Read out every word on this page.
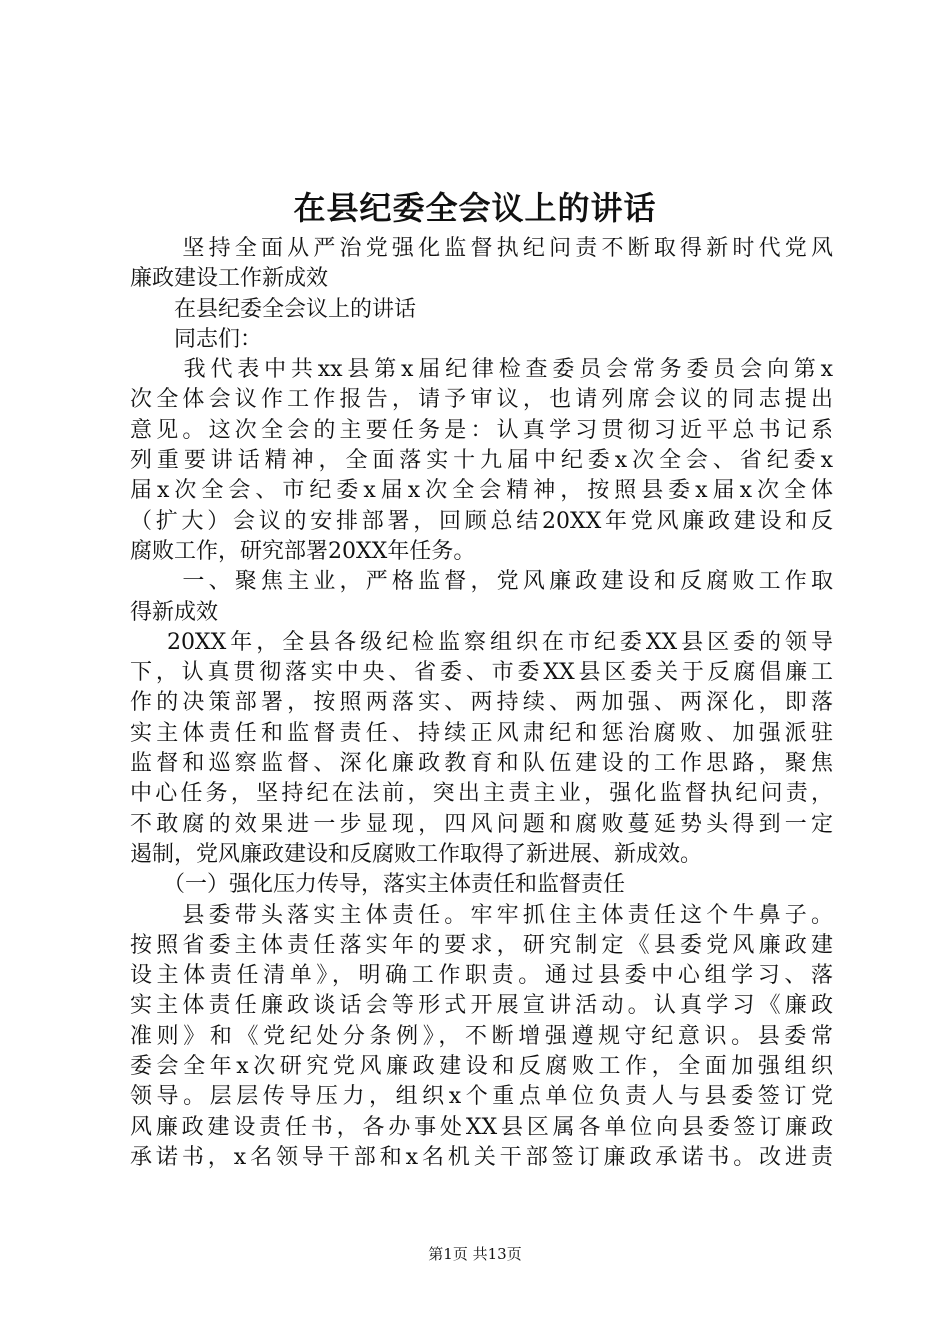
在县纪委全会议上的讲话
　　坚持全面从严治党强化监督执纪问责不断取得新时代党风
廉政建设工作新成效
　　在县纪委全会议上的讲话
　　同志们：
　　我代表中共xx县第x届纪律检查委员会常务委员会向第x
次全体会议作工作报告，请予审议，也请列席会议的同志提出
意见。这次全会的主要任务是：认真学习贯彻习近平总书记系
列重要讲话精神，全面落实十九届中纪委x次全会、省纪委x
届x次全会、市纪委x届x次全会精神，按照县委x届x次全体
（扩大）会议的安排部署，回顾总结20XX年党风廉政建设和反
腐败工作，研究部署20XX年任务。
　　一、聚焦主业，严格监督，党风廉政建设和反腐败工作取
得新成效
　 20XX年，全县各级纪检监察组织在市纪委XX县区委的领导
下，认真贯彻落实中央、省委、市委XX县区委关于反腐倡廉工
作的决策部署，按照两落实、两持续、两加强、两深化，即落
实主体责任和监督责任、持续正风肃纪和惩治腐败、加强派驻
监督和巡察监督、深化廉政教育和队伍建设的工作思路，聚焦
中心任务，坚持纪在法前，突出主责主业，强化监督执纪问责，
不敢腐的效果进一步显现，四风问题和腐败蔓延势头得到一定
遏制，党风廉政建设和反腐败工作取得了新进展、新成效。
　　（一）强化压力传导，落实主体责任和监督责任
　　县委带头落实主体责任。牢牢抓住主体责任这个牛鼻子。
按照省委主体责任落实年的要求，研究制定《县委党风廉政建
设主体责任清单》，明确工作职责。通过县委中心组学习、落
实主体责任廉政谈话会等形式开展宣讲活动。认真学习《廉政
准则》和《党纪处分条例》，不断增强遵规守纪意识。县委常
委会全年x次研究党风廉政建设和反腐败工作，全面加强组织
领导。层层传导压力，组织x个重点单位负责人与县委签订党
风廉政建设责任书，各办事处XX县区属各单位向县委签订廉政
承诺书，x名领导干部和x名机关干部签订廉政承诺书。改进责
第1页 共13页
